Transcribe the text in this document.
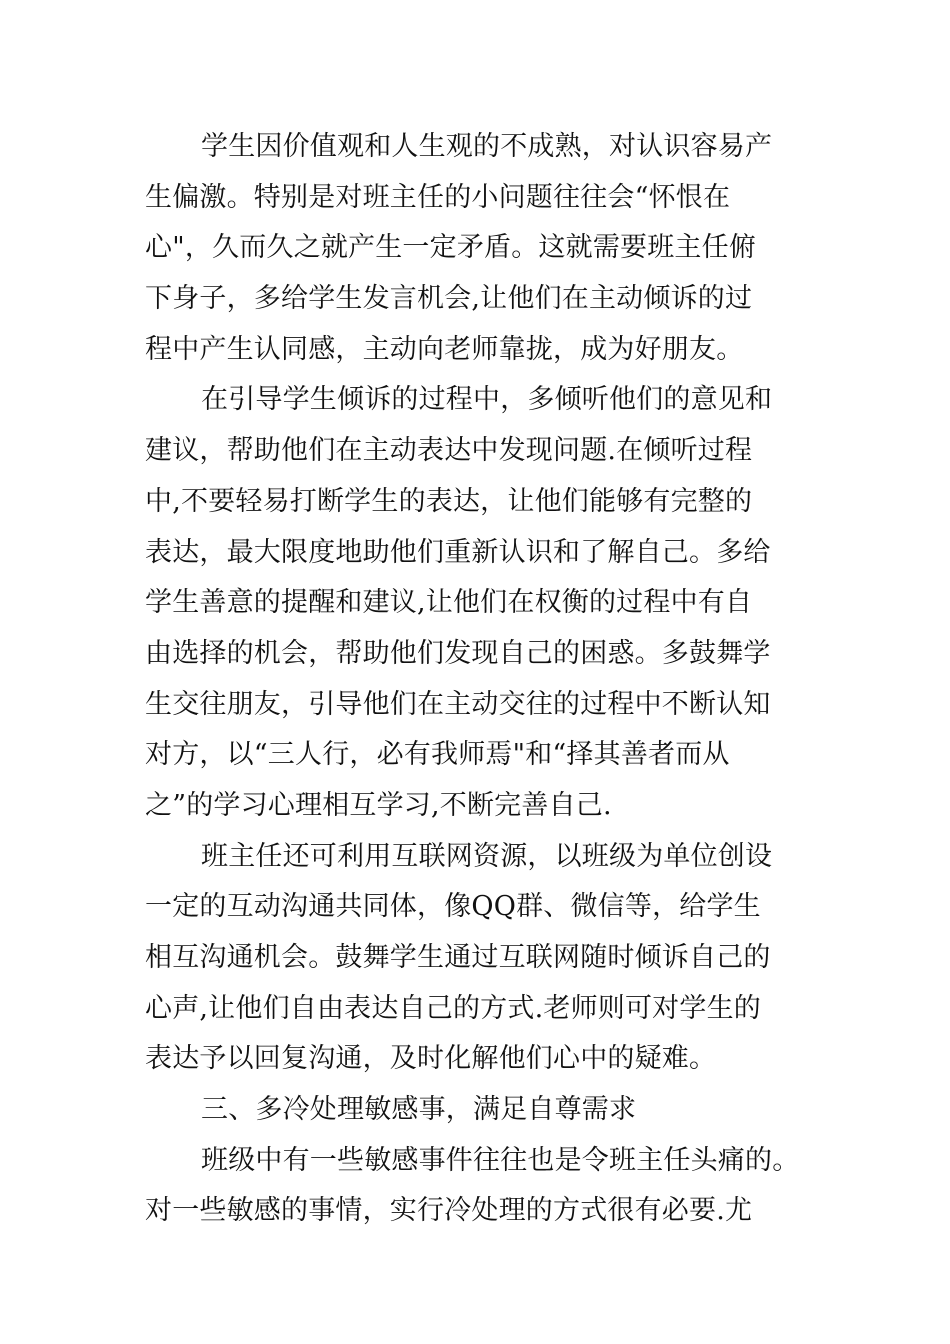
学生因价值观和人生观的不成熟，对认识容易产
生偏激。特别是对班主任的小问题往往会“怀恨在
心"，久而久之就产生一定矛盾。这就需要班主任俯
下身子，多给学生发言机会,让他们在主动倾诉的过
程中产生认同感，主动向老师靠拢，成为好朋友。
在引导学生倾诉的过程中，多倾听他们的意见和
建议，帮助他们在主动表达中发现问题.在倾听过程
中,不要轻易打断学生的表达，让他们能够有完整的
表达，最大限度地助他们重新认识和了解自己。多给
学生善意的提醒和建议,让他们在权衡的过程中有自
由选择的机会，帮助他们发现自己的困惑。多鼓舞学
生交往朋友，引导他们在主动交往的过程中不断认知
对方，以“三人行，必有我师焉"和“择其善者而从
之”的学习心理相互学习,不断完善自己.
班主任还可利用互联网资源，以班级为单位创设
一定的互动沟通共同体，像QQ群、微信等，给学生
相互沟通机会。鼓舞学生通过互联网随时倾诉自己的
心声,让他们自由表达自己的方式.老师则可对学生的
表达予以回复沟通，及时化解他们心中的疑难。
三、多冷处理敏感事，满足自尊需求
班级中有一些敏感事件往往也是令班主任头痛的。
对一些敏感的事情，实行冷处理的方式很有必要.尤
